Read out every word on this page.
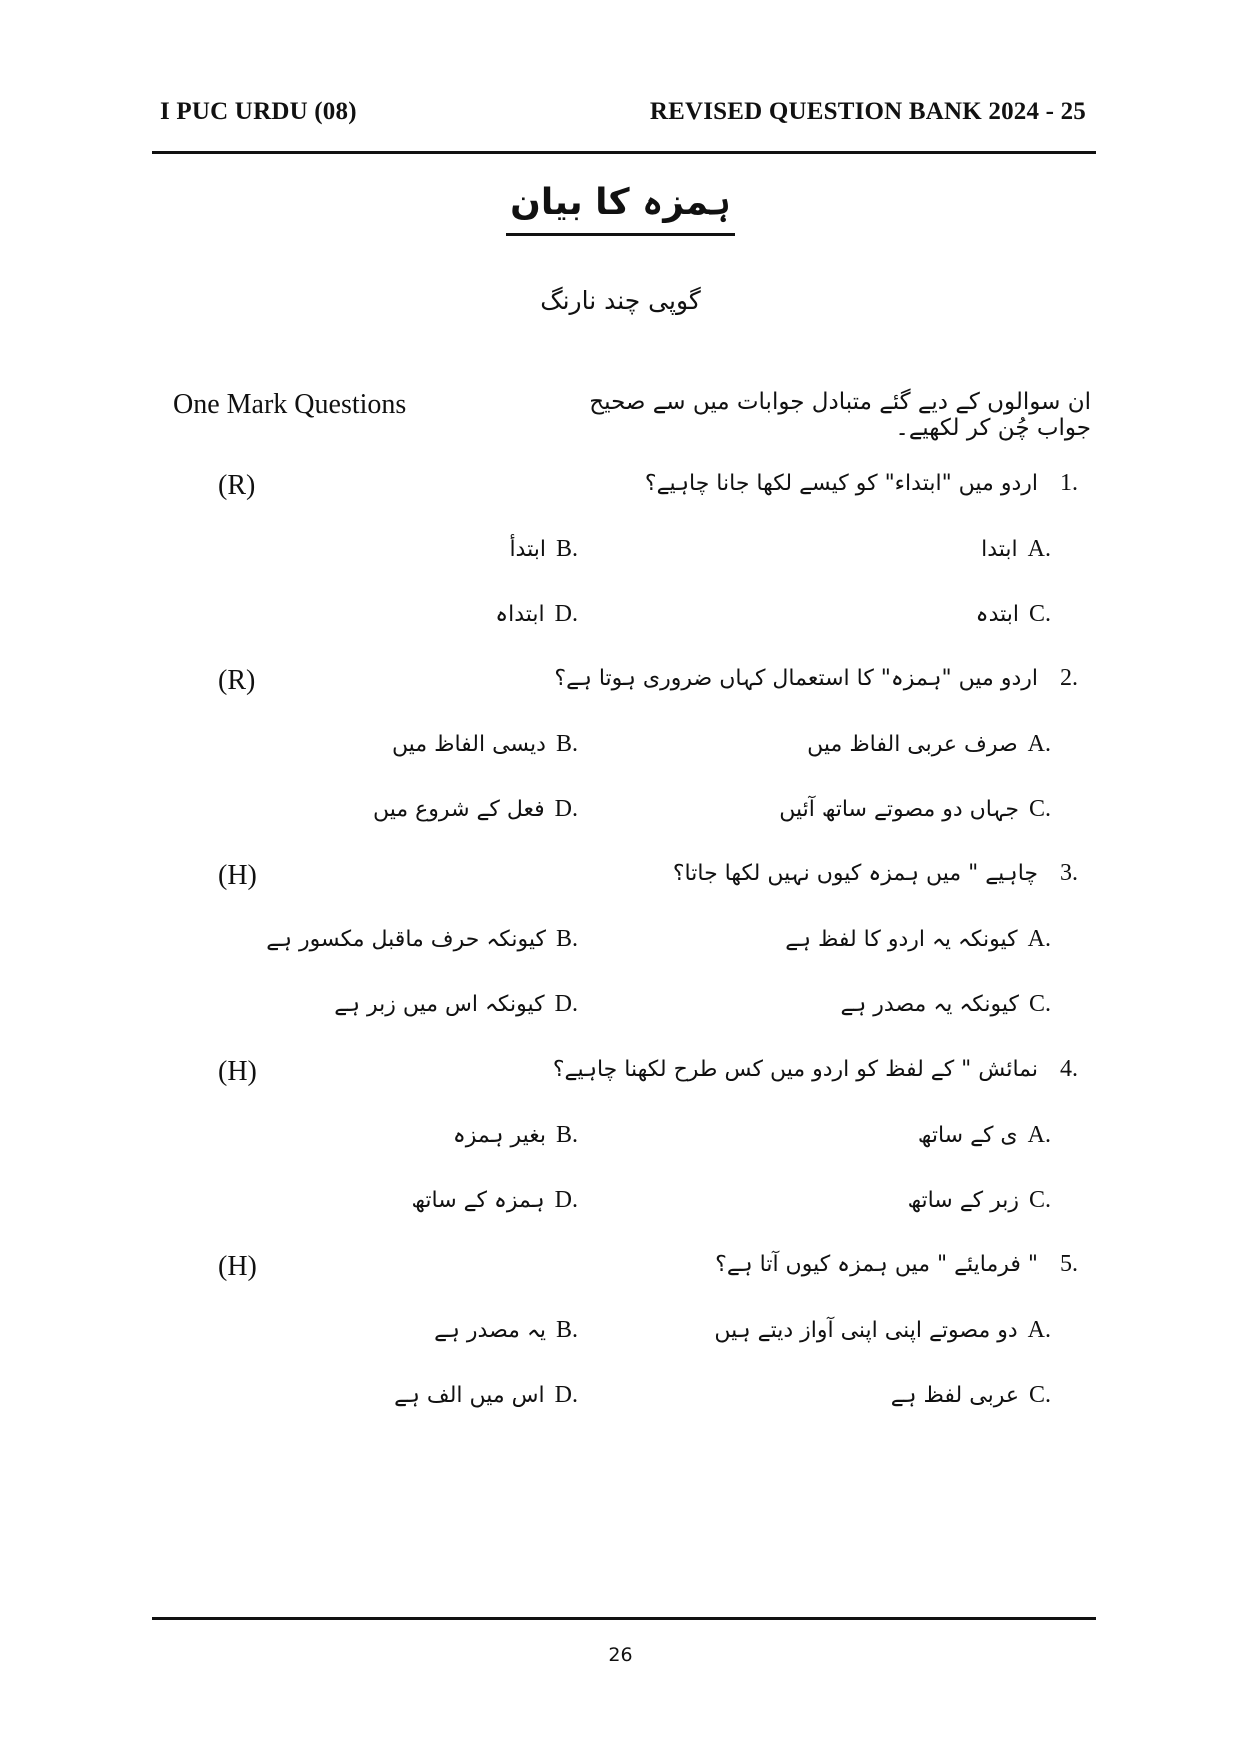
I PUC URDU (08)	REVISED QUESTION BANK 2024 - 25
ہمزہ کا بیان
گوپی چند نارنگ
One Mark Questions	ان سوالوں کے دیے گئے متبادل جوابات میں سے صحیح جواب چُن کر لکھیے۔
(R)	1.اردو میں "ابتداء" کو کیسے لکھا جانا چاہیے؟
A.ابتدا
B.ابتدأ
C.ابتدہ
D.ابتداہ
(R)	2.اردو میں "ہمزہ" کا استعمال کہاں ضروری ہوتا ہے؟
A.صرف عربی الفاظ میں
B.دیسی الفاظ میں
C.جہاں دو مصوتے ساتھ آئیں
D.فعل کے شروع میں
(H)	3.چاہیے " میں ہمزہ کیوں نہیں لکھا جاتا؟
A.کیونکہ یہ اردو کا لفظ ہے
B.کیونکہ حرف ماقبل مکسور ہے
C.کیونکہ یہ مصدر ہے
D.کیونکہ اس میں زبر ہے
(H)	4.نمائش " کے لفظ کو اردو میں کس طرح لکھنا چاہیے؟
A.ی کے ساتھ
B.بغیر ہمزہ
C.زبر کے ساتھ
D.ہمزہ کے ساتھ
(H)	5." فرمایئے " میں ہمزہ کیوں آتا ہے؟
A.دو مصوتے اپنی اپنی آواز دیتے ہیں
B.یہ مصدر ہے
C.عربی لفظ ہے
D.اس میں الف ہے
26
